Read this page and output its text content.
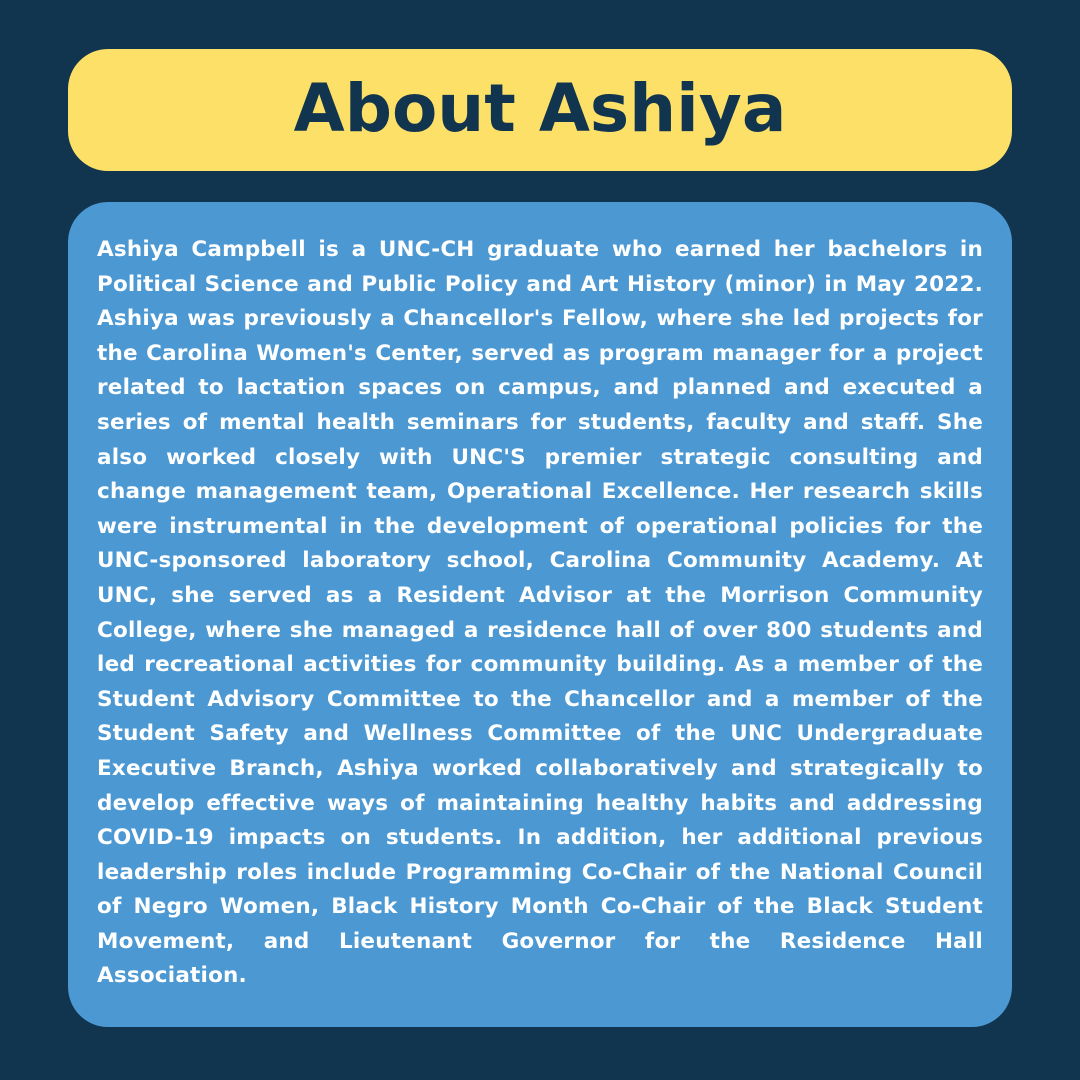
About Ashiya

Ashiya Campbell is a UNC-CH graduate who earned her bachelors in Political Science and Public Policy and Art History (minor) in May 2022. Ashiya was previously a Chancellor's Fellow, where she led projects for the Carolina Women's Center, served as program manager for a project related to lactation spaces on campus, and planned and executed a series of mental health seminars for students, faculty and staff. She also worked closely with UNC'S premier strategic consulting and change management team, Operational Excellence. Her research skills were instrumental in the development of operational policies for the UNC-sponsored laboratory school, Carolina Community Academy. At UNC, she served as a Resident Advisor at the Morrison Community College, where she managed a residence hall of over 800 students and led recreational activities for community building. As a member of the Student Advisory Committee to the Chancellor and a member of the Student Safety and Wellness Committee of the UNC Undergraduate Executive Branch, Ashiya worked collaboratively and strategically to develop effective ways of maintaining healthy habits and addressing COVID-19 impacts on students. In addition, her additional previous leadership roles include Programming Co-Chair of the National Council of Negro Women, Black History Month Co-Chair of the Black Student Movement, and Lieutenant Governor for the Residence Hall Association.
